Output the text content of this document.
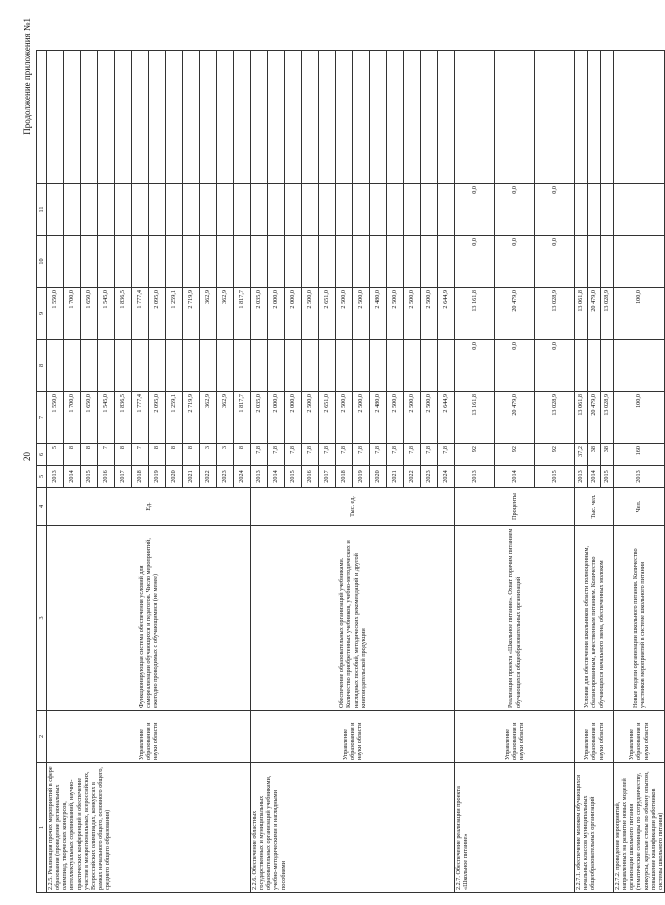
20
Продолжение приложения №1
1	2	3	4	5	6	7	8	9	10	11	
2.2.5. Реализация прочих мероприятий в сфере образования (проведение региональных олимпиад, творческих конкурсов, интеллектуальных соревнований, научно-практических конференций и обеспечение участия в межрегиональных, всероссийских, Всероссийских олимпиадах, конкурсах в рамках начального общего, основного общего, среднего общего образования)	Управление образования и науки области	Функционирующая система обеспечения условий для самореализации обучающихся и педагогов. Число мероприятий, ежегодно проводимых с обучающимися (не менее)	Ед.	2013	5	1 550,0		1 550,0			
				2014	8	1 700,0		1 700,0			
				2015	8	1 650,0		1 650,0			
				2016	7	1 545,0		1 545,0			
				2017	8	1 836,5		1 836,5			
				2018	7	1 777,4		1 777,4			
				2019	8	2 095,0		2 095,0			
				2020	8	1 259,1		1 259,1			
				2021	8	2 719,9		2 719,9			
				2022	3	362,9		362,9			
				2023	3	362,9		362,9			
				2024	8	1 817,7		1 817,7			
2.2.6. Обеспечение областных государственных и муниципальных образовательных организаций учебниками, учебно-методическими и наглядными пособиями	Управление образования и науки области	Обеспечение образовательных организаций учебниками. Количество приобретенных учебников, учебно-методических и наглядных пособий, методических рекомендаций и другой книгоиздательской продукции	Тыс. ед.	2013	7,8	2 035,0		2 035,0			
				2014	7,8	2 000,0		2 000,0			
				2015	7,8	2 000,0		2 000,0			
				2016	7,8	2 500,0		2 500,0			
				2017	7,8	2 651,0		2 651,0			
				2018	7,8	2 500,0		2 500,0			
				2019	7,8	2 500,0		2 500,0			
				2020	7,8	2 480,0		2 480,0			
				2021	7,8	2 500,0		2 500,0			
				2022	7,8	2 500,0		2 500,0			
				2023	7,8	2 500,0		2 500,0			
				2024	7,8	2 644,9		2 644,9			
2.2.7. Обеспечение реализации проекта «Школьное питание»	Управление образования и науки области	Реализация проекта «Школьное питание». Охват горячим питанием обучающихся общеобразовательных организаций	Проценты	2013	92	13 161,8	0,0	13 161,8	0,0	0,0	
				2014	92	20 479,0	0,0	20 479,0	0,0	0,0	
				2015	92	13 028,9	0,0	13 028,9	0,0	0,0	
2.2.7.1. обеспечение молоком обучающихся начальных классов муниципальных общеобразовательных организаций	Управление образования и науки области	Условия для обеспечения школьников области полноценным, сбалансированным, качественным питанием. Количество обучающихся начального звена, обеспеченных молоком	Тыс. чел.	2013	37,2	13 061,8		13 061,8			
				2014	38	20 479,0		20 479,0			
				2015	38	13 028,9		13 028,9			
2.2.7.2. проведение мероприятий, направленных на развитие новых моделей организации школьного питания (тематические семинары по сотрудничеству, конкурсы, круглые столы по обмену опытом, повышение квалификации работников системы школьного питания)	Управление образования и науки области	Новые модели организации школьного питания. Количество участников мероприятий в системе школьного питания	Чел.	2013	160	100,0		100,0			
